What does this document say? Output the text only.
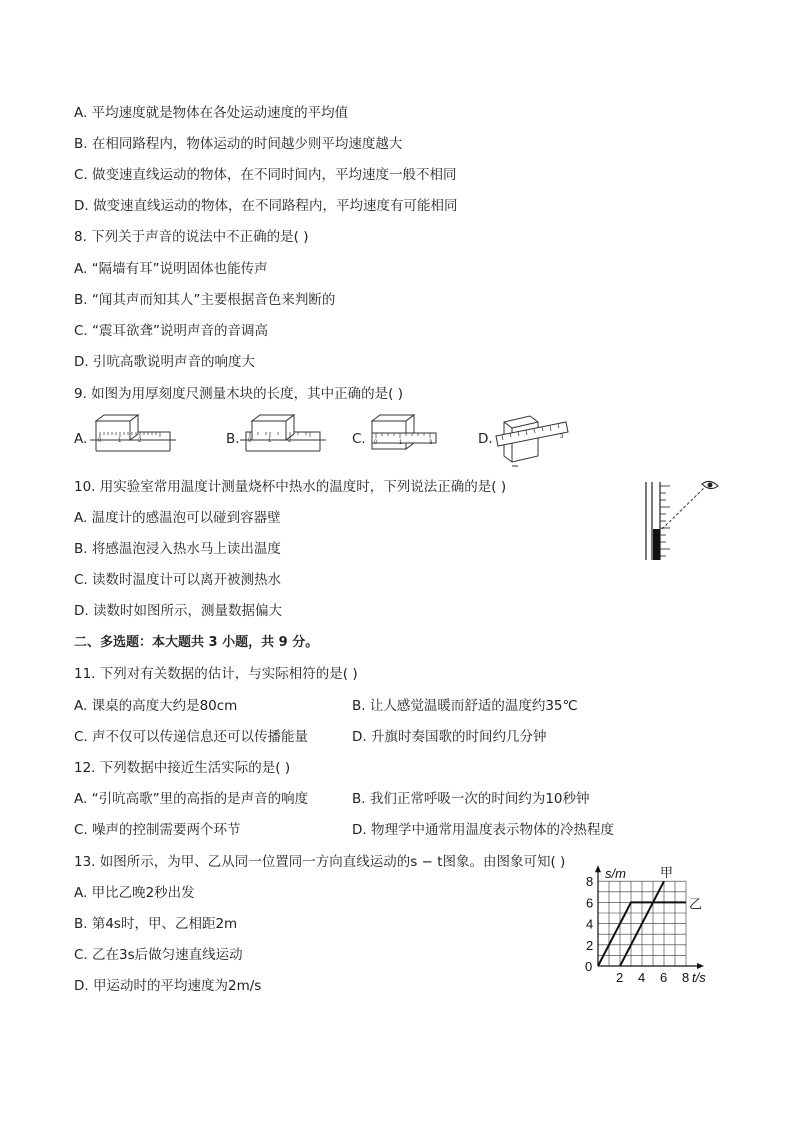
A. 平均速度就是物体在各处运动速度的平均值
B. 在相同路程内，物体运动的时间越少则平均速度越大
C. 做变速直线运动的物体，在不同时间内，平均速度一般不相同
D. 做变速直线运动的物体，在不同路程内，平均速度有可能相同
8. 下列关于声音的说法中不正确的是( )
A. “隔墙有耳”说明固体也能传声
B. “闻其声而知其人”主要根据音色来判断的
C. “震耳欲聋”说明声音的音调高
D. 引吭高歌说明声音的响度大
9. 如图为用厚刻度尺测量木块的长度，其中正确的是( )
A. 0	1	2	B. 0	1	2	C. 0	1	3	D.	3
10. 用实验室常用温度计测量烧杯中热水的温度时，下列说法正确的是( )
A. 温度计的感温泡可以碰到容器壁
B. 将感温泡浸入热水马上读出温度
C. 读数时温度计可以离开被测热水
D. 读数时如图所示，测量数据偏大
二、多选题：本大题共 3 小题，共 9 分。
11. 下列对有关数据的估计，与实际相符的是( )
A. 课桌的高度大约是80cm	B. 让人感觉温暖而舒适的温度约35℃
C. 声不仅可以传递信息还可以传播能量	D. 升旗时奏国歌的时间约几分钟
12. 下列数据中接近生活实际的是( )
A. “引吭高歌”里的高指的是声音的响度	B. 我们正常呼吸一次的时间约为10秒钟
C. 噪声的控制需要两个环节	D. 物理学中通常用温度表示物体的冷热程度
13. 如图所示，为甲、乙从同一位置同一方向直线运动的s − t图象。由图象可知( )
A. 甲比乙晚2秒出发
B. 第4s时，甲、乙相距2m
C. 乙在3s后做匀速直线运动
D. 甲运动时的平均速度为2m/s
0
2 4 6 8
2
4
6
8
s/m
t/s
甲
乙
